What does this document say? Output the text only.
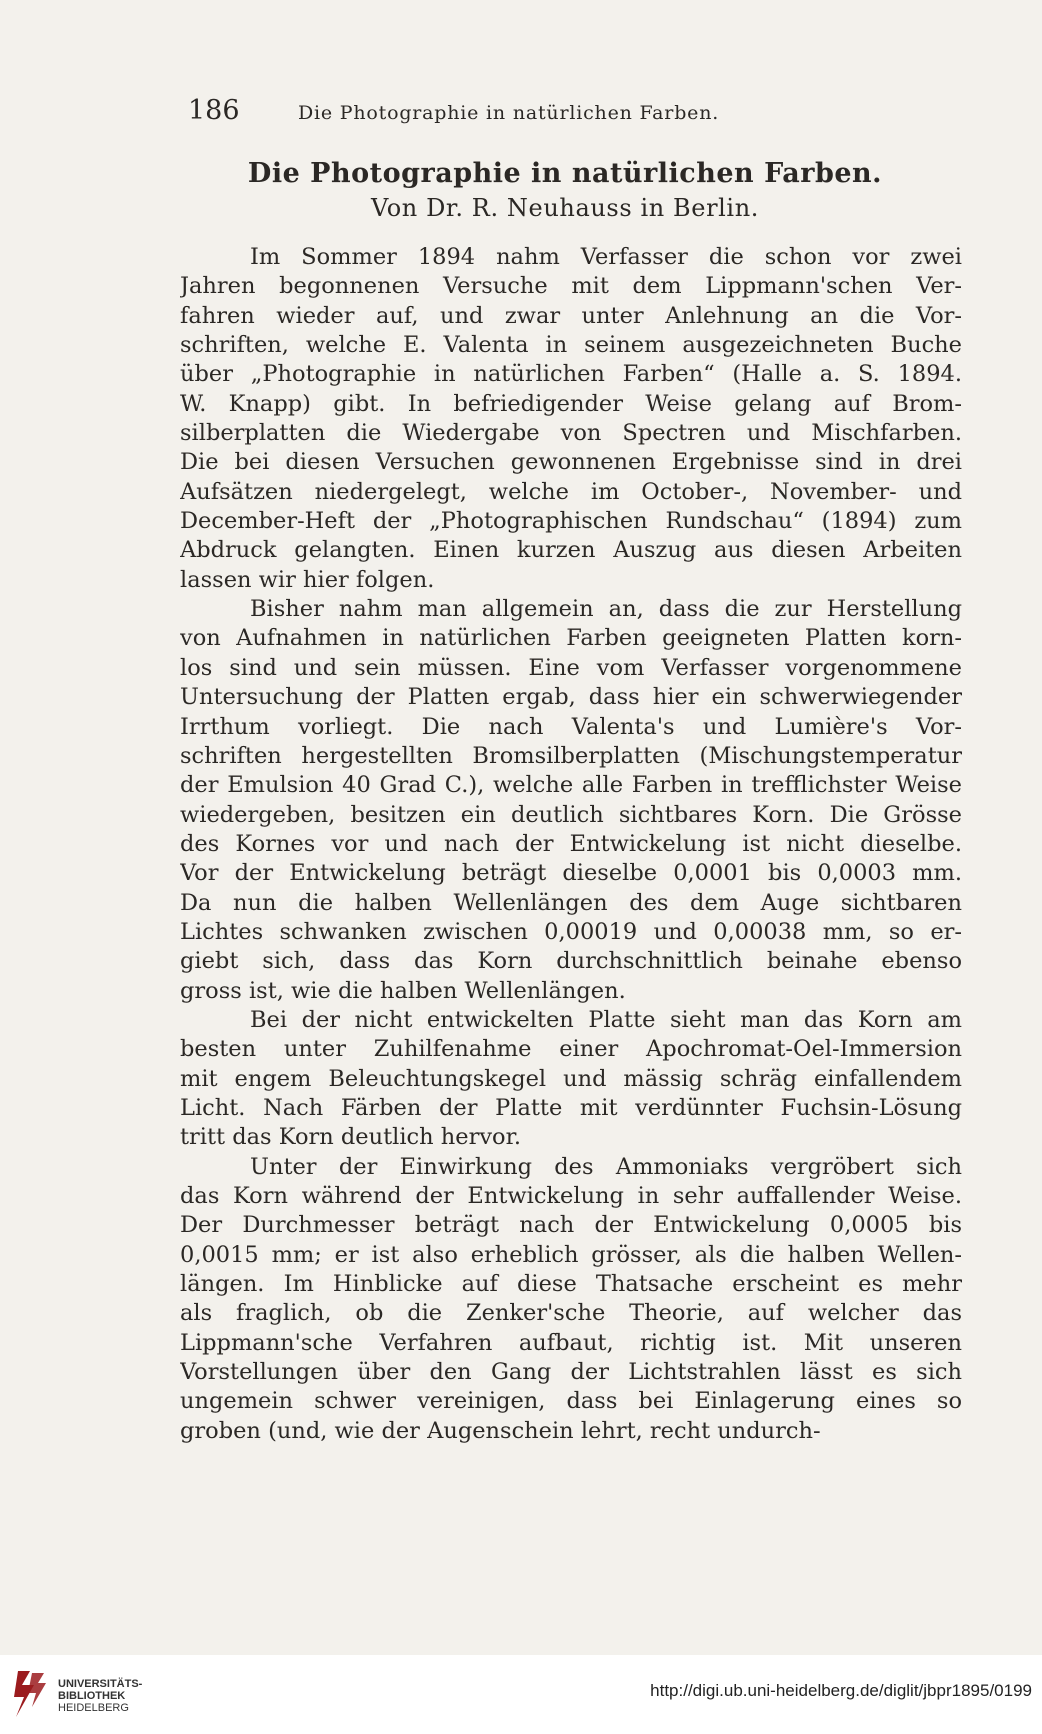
186	Die Photographie in natürlichen Farben.
Die Photographie in natürlichen Farben.
Von Dr. R. Neuhauss in Berlin.
Im Sommer 1894 nahm Verfasser die schon vor zwei
Jahren begonnenen Versuche mit dem Lippmann'schen Ver-
fahren wieder auf, und zwar unter Anlehnung an die Vor-
schriften, welche E. Valenta in seinem ausgezeichneten Buche
über „Photographie in natürlichen Farben“ (Halle a. S. 1894.
W. Knapp) gibt. In befriedigender Weise gelang auf Brom-
silberplatten die Wiedergabe von Spectren und Mischfarben.
Die bei diesen Versuchen gewonnenen Ergebnisse sind in drei
Aufsätzen niedergelegt, welche im October-, November- und
December-Heft der „Photographischen Rundschau“ (1894) zum
Abdruck gelangten. Einen kurzen Auszug aus diesen Arbeiten
lassen wir hier folgen.
Bisher nahm man allgemein an, dass die zur Herstellung
von Aufnahmen in natürlichen Farben geeigneten Platten korn-
los sind und sein müssen. Eine vom Verfasser vorgenommene
Untersuchung der Platten ergab, dass hier ein schwerwiegender
Irrthum vorliegt. Die nach Valenta's und Lumière's Vor-
schriften hergestellten Bromsilberplatten (Mischungstemperatur
der Emulsion 40 Grad C.), welche alle Farben in trefflichster Weise
wiedergeben, besitzen ein deutlich sichtbares Korn. Die Grösse
des Kornes vor und nach der Entwickelung ist nicht dieselbe.
Vor der Entwickelung beträgt dieselbe 0,0001 bis 0,0003 mm.
Da nun die halben Wellenlängen des dem Auge sichtbaren
Lichtes schwanken zwischen 0,00019 und 0,00038 mm, so er-
giebt sich, dass das Korn durchschnittlich beinahe ebenso
gross ist, wie die halben Wellenlängen.
Bei der nicht entwickelten Platte sieht man das Korn am
besten unter Zuhilfenahme einer Apochromat-Oel-Immersion
mit engem Beleuchtungskegel und mässig schräg einfallendem
Licht. Nach Färben der Platte mit verdünnter Fuchsin-Lösung
tritt das Korn deutlich hervor.
Unter der Einwirkung des Ammoniaks vergröbert sich
das Korn während der Entwickelung in sehr auffallender Weise.
Der Durchmesser beträgt nach der Entwickelung 0,0005 bis
0,0015 mm; er ist also erheblich grösser, als die halben Wellen-
längen. Im Hinblicke auf diese Thatsache erscheint es mehr
als fraglich, ob die Zenker'sche Theorie, auf welcher das
Lippmann'sche Verfahren aufbaut, richtig ist. Mit unseren
Vorstellungen über den Gang der Lichtstrahlen lässt es sich
ungemein schwer vereinigen, dass bei Einlagerung eines so
groben (und, wie der Augenschein lehrt, recht undurch-
UNIVERSITÄTS-
BIBLIOTHEK
HEIDELBERG
http://digi.ub.uni-heidelberg.de/diglit/jbpr1895/0199
